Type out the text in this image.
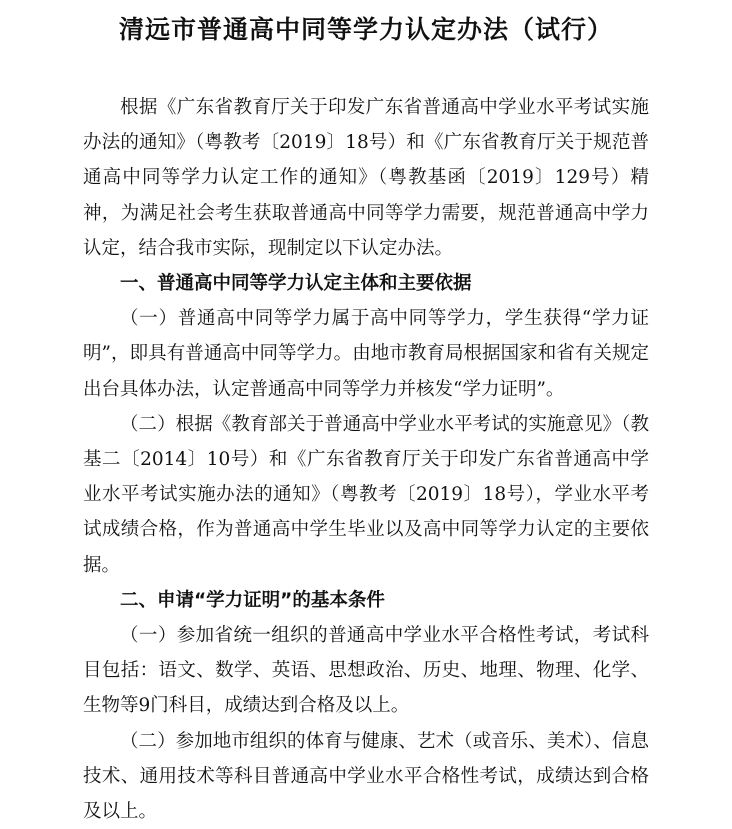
清远市普通高中同等学力认定办法（试行）

根据《广东省教育厅关于印发广东省普通高中学业水平考试实施办法的通知》（粤教考〔2019〕18号）和《广东省教育厅关于规范普通高中同等学力认定工作的通知》（粤教基函〔2019〕129号）精神，为满足社会考生获取普通高中同等学力需要，规范普通高中学力认定，结合我市实际，现制定以下认定办法。

一、普通高中同等学力认定主体和主要依据

（一）普通高中同等学力属于高中同等学力，学生获得“学力证明”，即具有普通高中同等学力。由地市教育局根据国家和省有关规定出台具体办法，认定普通高中同等学力并核发“学力证明”。

（二）根据《教育部关于普通高中学业水平考试的实施意见》（教基二〔2014〕10号）和《广东省教育厅关于印发广东省普通高中学业水平考试实施办法的通知》（粤教考〔2019〕18号），学业水平考试成绩合格，作为普通高中学生毕业以及高中同等学力认定的主要依据。

二、申请“学力证明”的基本条件

（一）参加省统一组织的普通高中学业水平合格性考试，考试科目包括：语文、数学、英语、思想政治、历史、地理、物理、化学、生物等9门科目，成绩达到合格及以上。

（二）参加地市组织的体育与健康、艺术（或音乐、美术）、信息技术、通用技术等科目普通高中学业水平合格性考试，成绩达到合格及以上。
